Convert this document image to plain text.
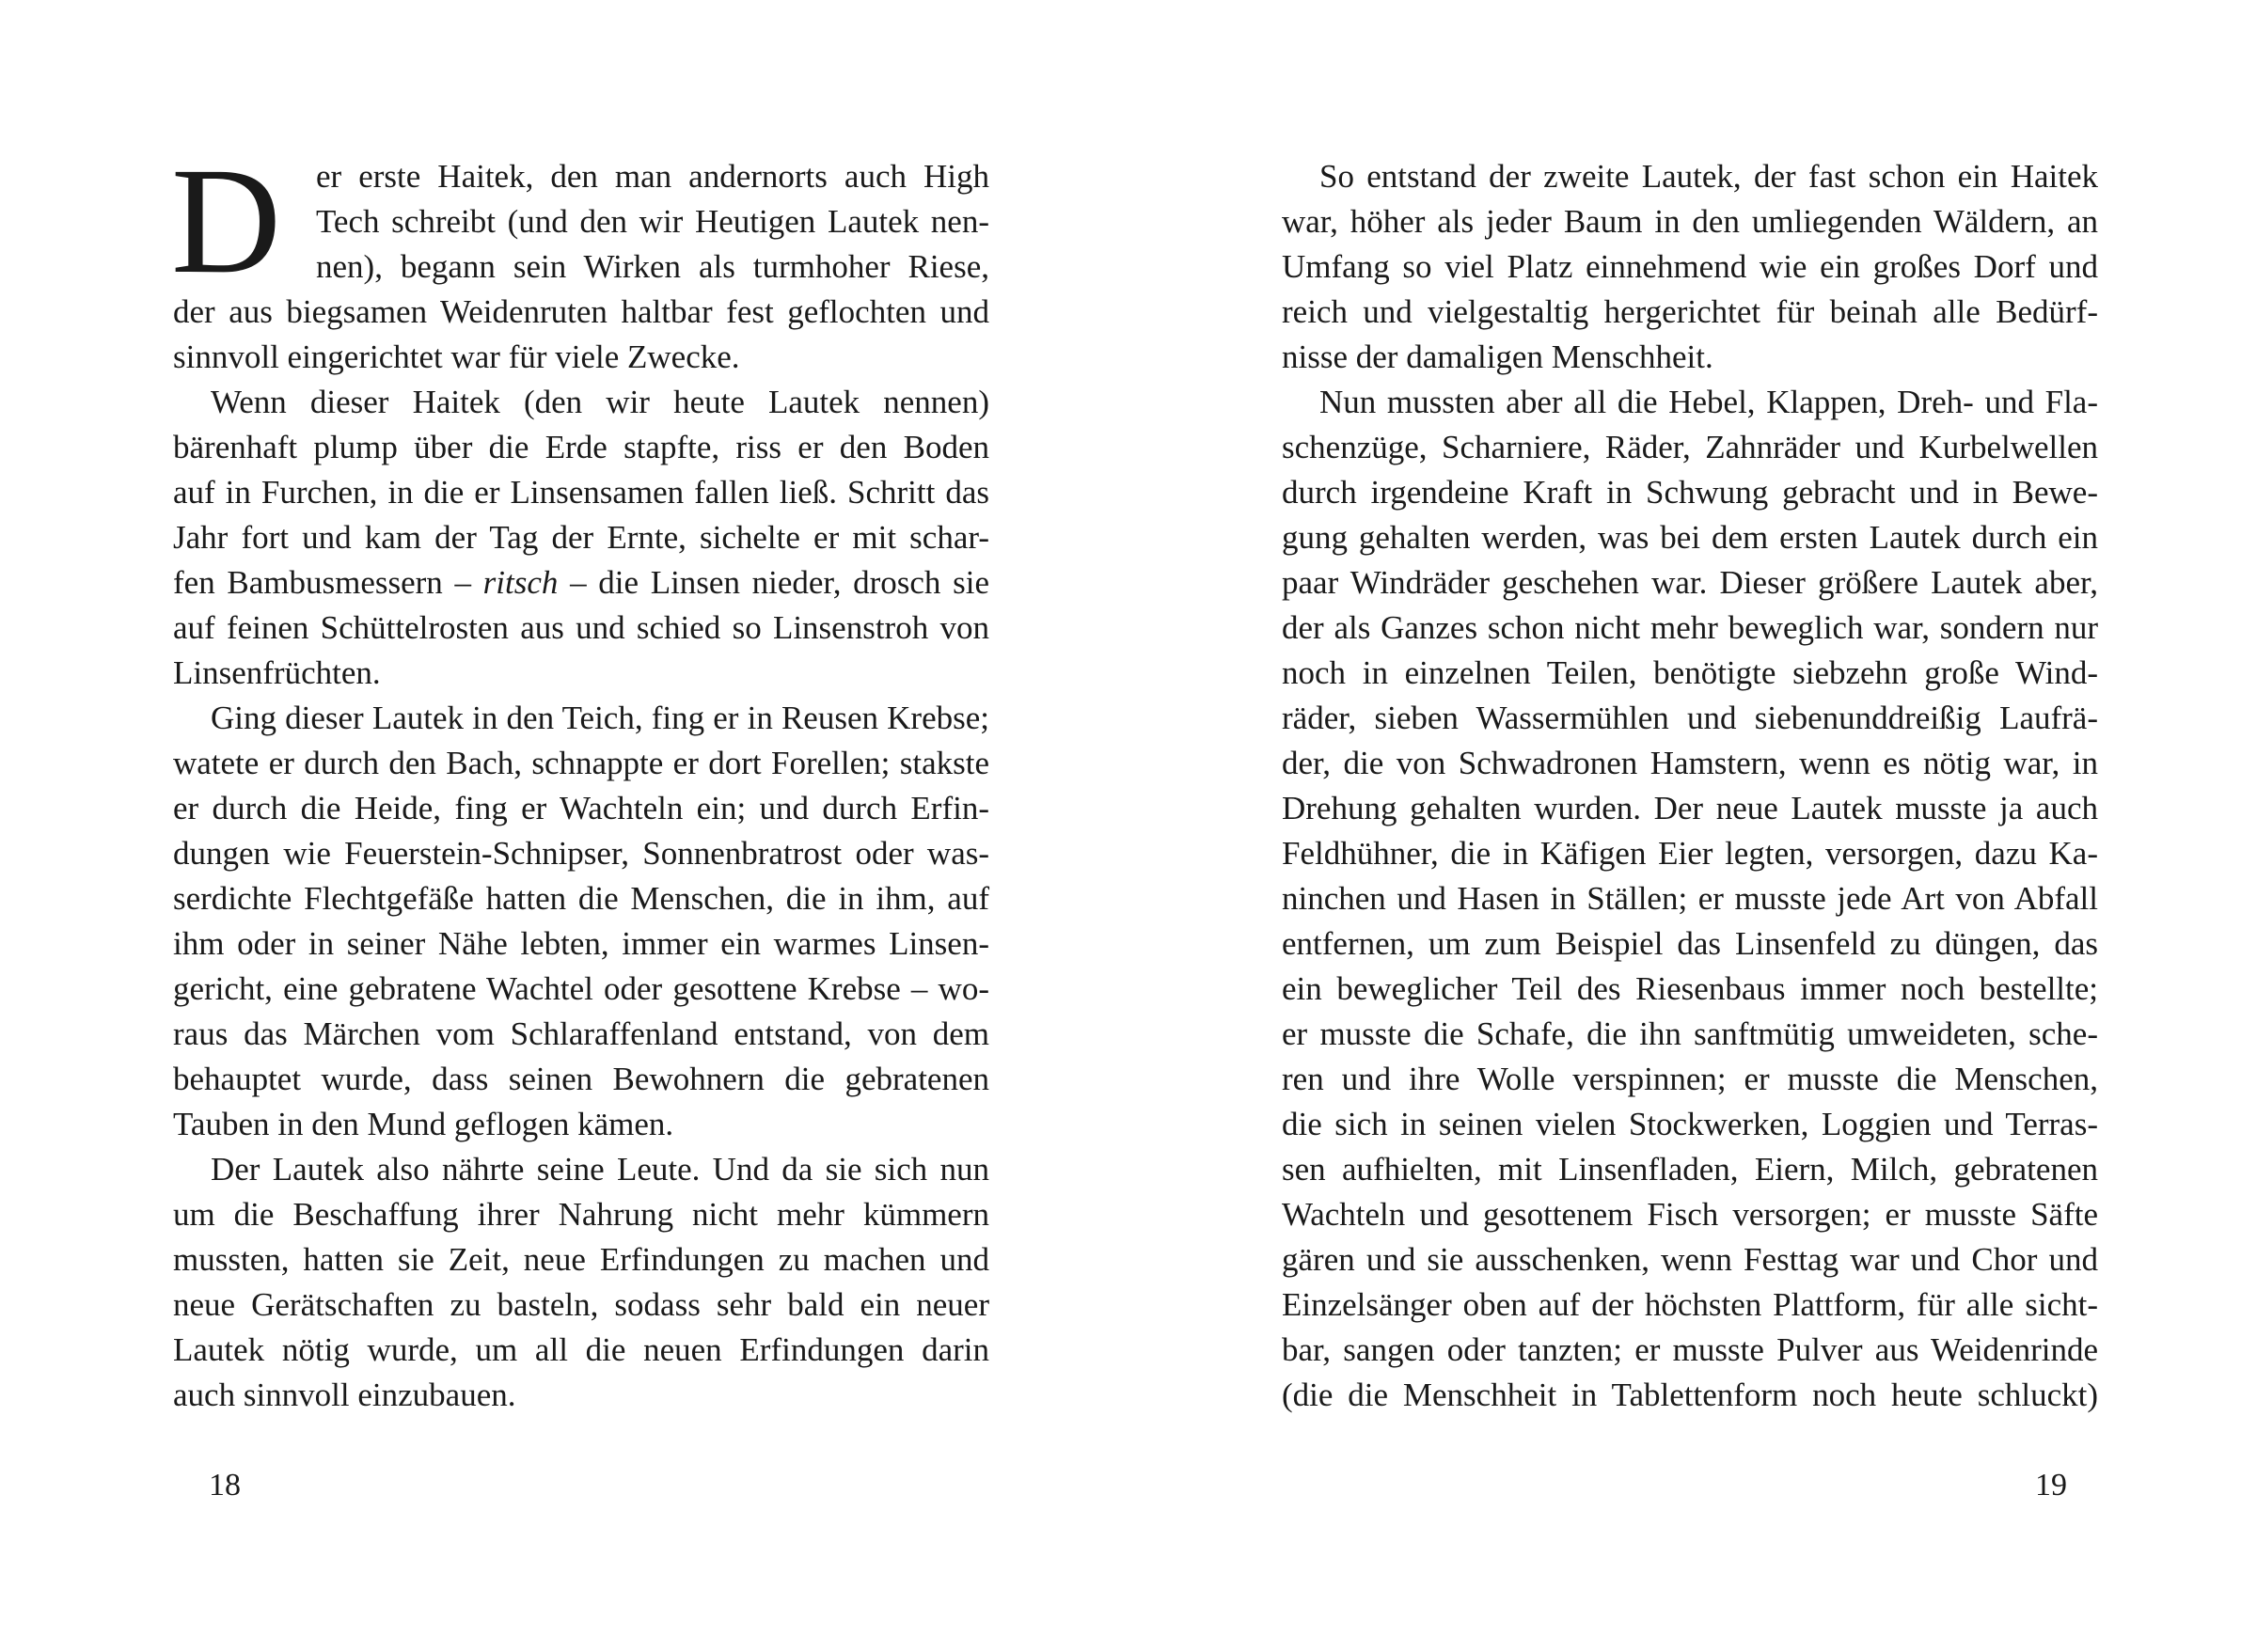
D	er erste Haitek, den man andernorts auch High
Tech schreibt (und den wir Heutigen Lautek nen-
nen), begann sein Wirken als turmhoher Riese,
der aus biegsamen Weidenruten haltbar fest geflochten und
sinnvoll eingerichtet war für viele Zwecke.
Wenn dieser Haitek (den wir heute Lautek nennen)
bärenhaft plump über die Erde stapfte, riss er den Boden
auf in Furchen, in die er Linsensamen fallen ließ. Schritt das
Jahr fort und kam der Tag der Ernte, sichelte er mit schar-
fen Bambusmessern – ritsch – die Linsen nieder, drosch sie
auf feinen Schüttelrosten aus und schied so Linsenstroh von
Linsenfrüchten.
Ging dieser Lautek in den Teich, fing er in Reusen Krebse;
watete er durch den Bach, schnappte er dort Forellen; stakste
er durch die Heide, fing er Wachteln ein; und durch Erfin-
dungen wie Feuerstein-Schnipser, Sonnenbratrost oder was-
serdichte Flechtgefäße hatten die Menschen, die in ihm, auf
ihm oder in seiner Nähe lebten, immer ein warmes Linsen-
gericht, eine gebratene Wachtel oder gesottene Krebse – wo-
raus das Märchen vom Schlaraffenland entstand, von dem
behauptet wurde, dass seinen Bewohnern die gebratenen
Tauben in den Mund geflogen kämen.
Der Lautek also nährte seine Leute. Und da sie sich nun
um die Beschaffung ihrer Nahrung nicht mehr kümmern
mussten, hatten sie Zeit, neue Erfindungen zu machen und
neue Gerätschaften zu basteln, sodass sehr bald ein neuer
Lautek nötig wurde, um all die neuen Erfindungen darin
auch sinnvoll einzubauen.
18
So entstand der zweite Lautek, der fast schon ein Haitek
war, höher als jeder Baum in den umliegenden Wäldern, an
Umfang so viel Platz einnehmend wie ein großes Dorf und
reich und vielgestaltig hergerichtet für beinah alle Bedürf-
nisse der damaligen Menschheit.
Nun mussten aber all die Hebel, Klappen, Dreh- und Fla-
schenzüge, Scharniere, Räder, Zahnräder und Kurbelwellen
durch irgendeine Kraft in Schwung gebracht und in Bewe-
gung gehalten werden, was bei dem ersten Lautek durch ein
paar Windräder geschehen war. Dieser größere Lautek aber,
der als Ganzes schon nicht mehr beweglich war, sondern nur
noch in einzelnen Teilen, benötigte siebzehn große Wind-
räder, sieben Wassermühlen und siebenunddreißig Laufrä-
der, die von Schwadronen Hamstern, wenn es nötig war, in
Drehung gehalten wurden. Der neue Lautek musste ja auch
Feldhühner, die in Käfigen Eier legten, versorgen, dazu Ka-
ninchen und Hasen in Ställen; er musste jede Art von Abfall
entfernen, um zum Beispiel das Linsenfeld zu düngen, das
ein beweglicher Teil des Riesenbaus immer noch bestellte;
er musste die Schafe, die ihn sanftmütig umweideten, sche-
ren und ihre Wolle verspinnen; er musste die Menschen,
die sich in seinen vielen Stockwerken, Loggien und Terras-
sen aufhielten, mit Linsenfladen, Eiern, Milch, gebratenen
Wachteln und gesottenem Fisch versorgen; er musste Säfte
gären und sie ausschenken, wenn Festtag war und Chor und
Einzelsänger oben auf der höchsten Plattform, für alle sicht-
bar, sangen oder tanzten; er musste Pulver aus Weidenrinde
(die die Menschheit in Tablettenform noch heute schluckt)
19
